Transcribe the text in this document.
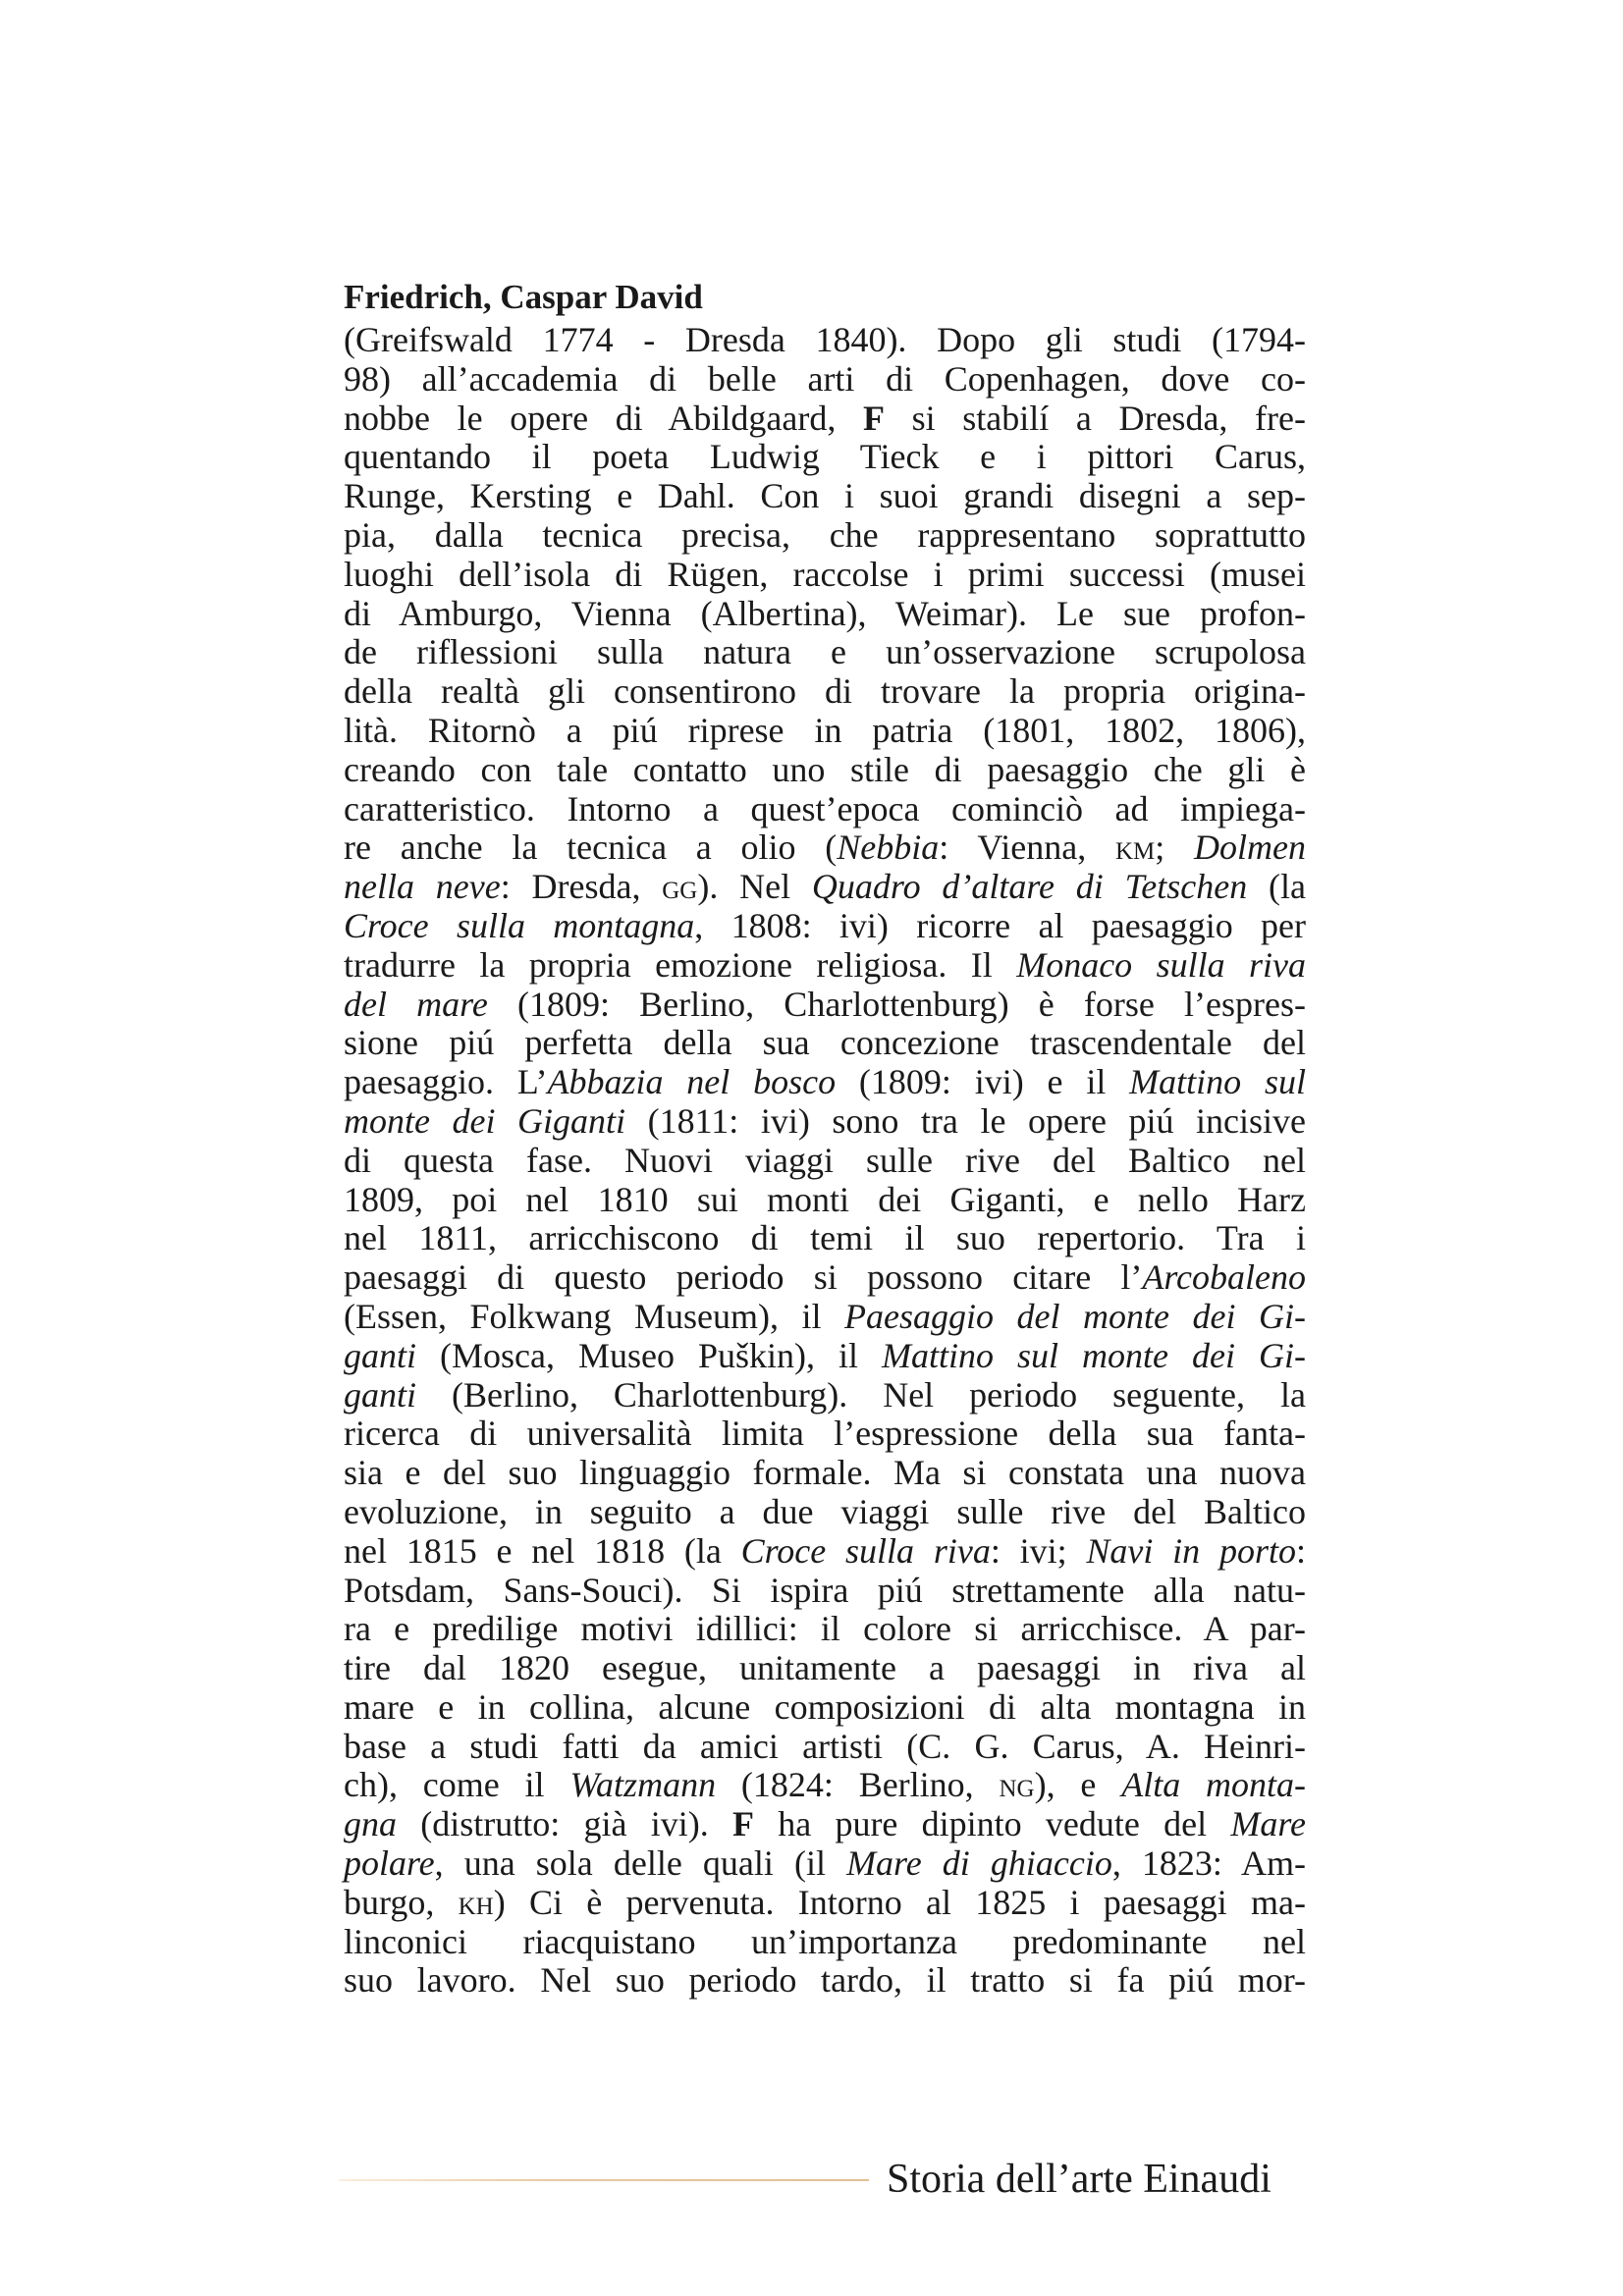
Friedrich, Caspar David
(Greifswald 1774 - Dresda 1840). Dopo gli studi (1794-
98) all’accademia di belle arti di Copenhagen, dove co-
nobbe le opere di Abildgaard, F si stabilí a Dresda, fre-
quentando il poeta Ludwig Tieck e i pittori Carus,
Runge, Kersting e Dahl. Con i suoi grandi disegni a sep-
pia, dalla tecnica precisa, che rappresentano soprattutto
luoghi dell’isola di Rügen, raccolse i primi successi (musei
di Amburgo, Vienna (Albertina), Weimar). Le sue profon-
de riflessioni sulla natura e un’osservazione scrupolosa
della realtà gli consentirono di trovare la propria origina-
lità. Ritornò a piú riprese in patria (1801, 1802, 1806),
creando con tale contatto uno stile di paesaggio che gli è
caratteristico. Intorno a quest’epoca cominciò ad impiega-
re anche la tecnica a olio (Nebbia: Vienna, km; Dolmen
nella neve: Dresda, gg). Nel Quadro d’altare di Tetschen (la
Croce sulla montagna, 1808: ivi) ricorre al paesaggio per
tradurre la propria emozione religiosa. Il Monaco sulla riva
del mare (1809: Berlino, Charlottenburg) è forse l’espres-
sione piú perfetta della sua concezione trascendentale del
paesaggio. L’Abbazia nel bosco (1809: ivi) e il Mattino sul
monte dei Giganti (1811: ivi) sono tra le opere piú incisive
di questa fase. Nuovi viaggi sulle rive del Baltico nel
1809, poi nel 1810 sui monti dei Giganti, e nello Harz
nel 1811, arricchiscono di temi il suo repertorio. Tra i
paesaggi di questo periodo si possono citare l’Arcobaleno
(Essen, Folkwang Museum), il Paesaggio del monte dei Gi-
ganti (Mosca, Museo Puškin), il Mattino sul monte dei Gi-
ganti (Berlino, Charlottenburg). Nel periodo seguente, la
ricerca di universalità limita l’espressione della sua fanta-
sia e del suo linguaggio formale. Ma si constata una nuova
evoluzione, in seguito a due viaggi sulle rive del Baltico
nel 1815 e nel 1818 (la Croce sulla riva: ivi; Navi in porto:
Potsdam, Sans-Souci). Si ispira piú strettamente alla natu-
ra e predilige motivi idillici: il colore si arricchisce. A par-
tire dal 1820 esegue, unitamente a paesaggi in riva al
mare e in collina, alcune composizioni di alta montagna in
base a studi fatti da amici artisti (C. G. Carus, A. Heinri-
ch), come il Watzmann (1824: Berlino, ng), e Alta monta-
gna (distrutto: già ivi). F ha pure dipinto vedute del Mare
polare, una sola delle quali (il Mare di ghiaccio, 1823: Am-
burgo, kh) Ci è pervenuta. Intorno al 1825 i paesaggi ma-
linconici riacquistano un’importanza predominante nel
suo lavoro. Nel suo periodo tardo, il tratto si fa piú mor-
Storia dell’arte Einaudi
